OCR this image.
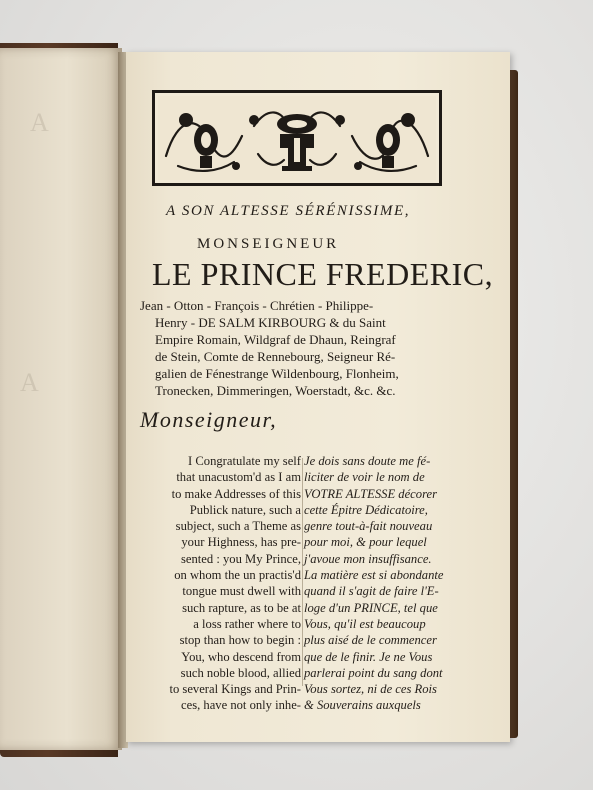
A
A
A SON ALTESSE SÉRÉNISSIME,
MONSEIGNEUR
LE PRINCE FREDERIC,
Jean - Otton - François - Chrétien - Philippe-
Henry - DE SALM KIRBOURG & du Saint
Empire Romain, Wildgraf de Dhaun, Reingraf
de Stein, Comte de Rennebourg, Seigneur Ré-
galien de Fénestrange Wildenbourg, Flonheim,
Tronecken, Dimmeringen, Woerstadt, &c. &c.
Monseigneur,
I Congratulate my self
that unacustom'd as I am
to make Addresses of this
Publick nature, such a
subject, such a Theme as
your Highness, has pre-
sented : you My Prince,
on whom the un practis'd
tongue must dwell with
such rapture, as to be at
a loss rather where to
stop than how to begin :
You, who descend from
such noble blood, allied
to several Kings and Prin-
ces, have not only inhe-
Je dois sans doute me fé-
liciter de voir le nom de
VOTRE ALTESSE décorer
cette Épitre Dédicatoire,
genre tout-à-fait nouveau
pour moi, & pour lequel
j'avoue mon insuffisance.
La matière est si abondante
quand il s'agit de faire l'E-
loge d'un PRINCE, tel que
Vous, qu'il est beaucoup
plus aisé de le commencer
que de le finir. Je ne Vous
parlerai point du sang dont
Vous sortez, ni de ces Rois
& Souverains auxquels
